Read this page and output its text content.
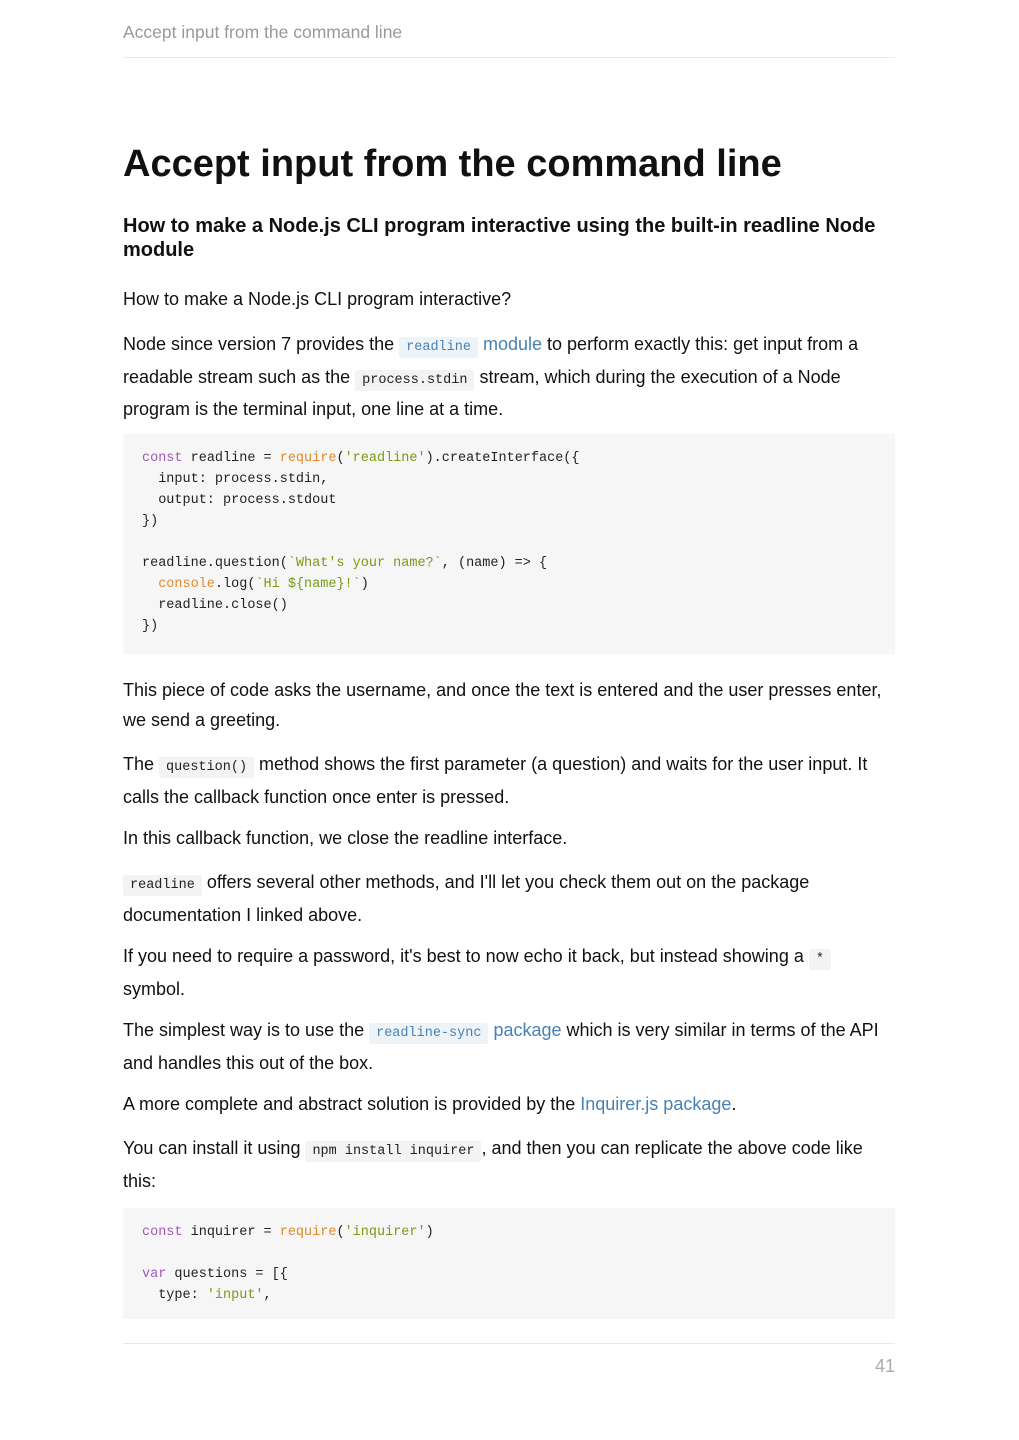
Accept input from the command line
Accept input from the command line
How to make a Node.js CLI program interactive using the built-in readline Node module

How to make a Node.js CLI program interactive?

Node since version 7 provides the readline module to perform exactly this: get input from a readable stream such as the process.stdin stream, which during the execution of a Node program is the terminal input, one line at a time.

const readline = require('readline').createInterface({
input: process.stdin,
output: process.stdout
})

readline.question(`What's your name?`, (name) => {
console.log(`Hi ${name}!`)
readline.close()
})

This piece of code asks the username, and once the text is entered and the user presses enter, we send a greeting.

The question() method shows the first parameter (a question) and waits for the user input. It calls the callback function once enter is pressed.

In this callback function, we close the readline interface.

readline offers several other methods, and I'll let you check them out on the package documentation I linked above.

If you need to require a password, it's best to now echo it back, but instead showing a * symbol.

The simplest way is to use the readline-sync package which is very similar in terms of the API and handles this out of the box.

A more complete and abstract solution is provided by the Inquirer.js package.

You can install it using npm install inquirer , and then you can replicate the above code like this:

const inquirer = require('inquirer')

var questions = [{
type: 'input',
41
